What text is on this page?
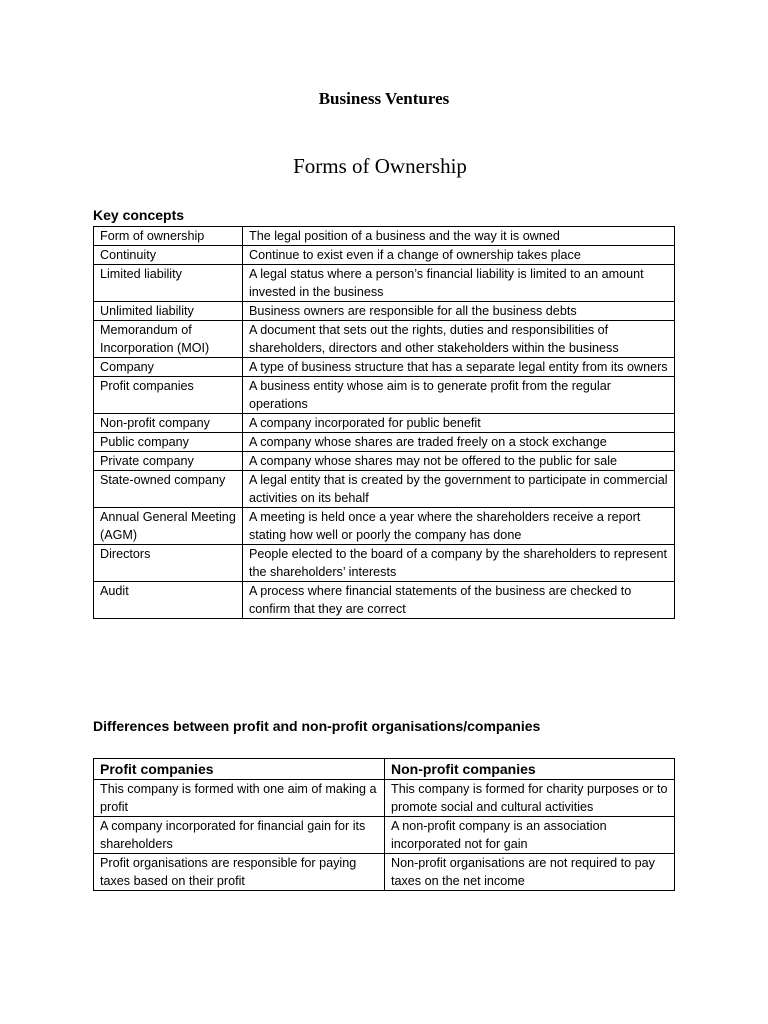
Business Ventures
Forms of Ownership
Key concepts
Form of ownership	The legal position of a business and the way it is owned
Continuity	Continue to exist even if a change of ownership takes place
Limited liability	A legal status where a person’s financial liability is limited to an amount invested in the business
Unlimited liability	Business owners are responsible for all the business debts
Memorandum of Incorporation (MOI)	A document that sets out the rights, duties and responsibilities of shareholders, directors and other stakeholders within the business
Company	A type of business structure that has a separate legal entity from its owners
Profit companies	A business entity whose aim is to generate profit from the regular operations
Non-profit company	A company incorporated for public benefit
Public company	A company whose shares are traded freely on a stock exchange
Private company	A company whose shares may not be offered to the public for sale
State-owned company	A legal entity that is created by the government to participate in commercial activities on its behalf
Annual General Meeting (AGM)	A meeting is held once a year where the shareholders receive a report stating how well or poorly the company has done
Directors	People elected to the board of a company by the shareholders to represent the shareholders’ interests
Audit	A process where financial statements of the business are checked to confirm that they are correct
Differences between profit and non-profit organisations/companies
Profit companies	Non-profit companies
This company is formed with one aim of making a profit	This company is formed for charity purposes or to promote social and cultural activities
A company incorporated for financial gain for its shareholders	A non-profit company is an association incorporated not for gain
Profit organisations are responsible for paying taxes based on their profit	Non-profit organisations are not required to pay taxes on the net income
